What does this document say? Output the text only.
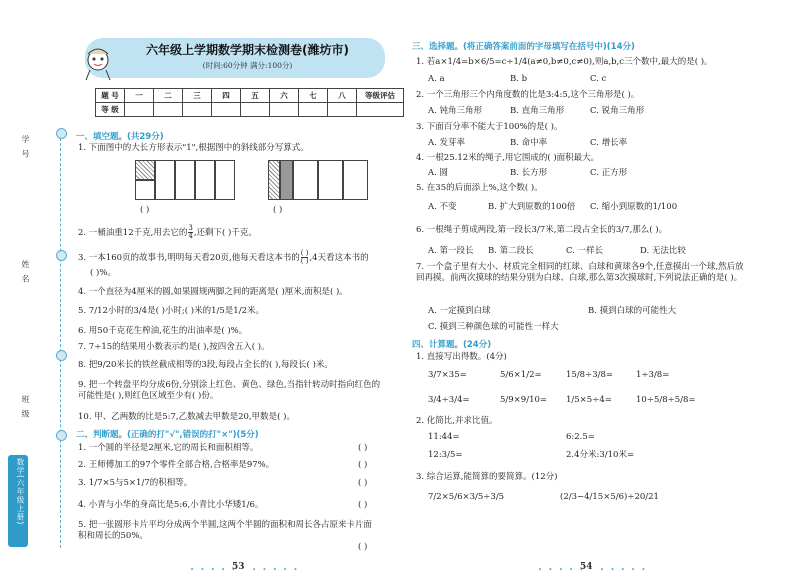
学 号
姓 名
班 级
数学(六年级上册)
六年级上学期数学期末检测卷(潍坊市)
(时间:60分钟 满分:100分)
题 号	一	二	三	四	五	六	七	八	等级评估
等 级									
一、填空题。(共29分)
1. 下面图中的大长方形表示"1",根据图中的斜线部分写算式。
( )	( )
2. 一桶油重12千克,用去它的 $\frac{3}{4}$ ,还剩下( )千克。
3. 一本160页的故事书,明明每天看20页,他每天看这本书的 $\frac{( )}{( )} ,4$天看这本书的
( )%。
4. 一个直径为4厘米的圆,如果圆规两脚之间的距离是( )厘米,面积是( )。
5. 7/12小时的3/4是( )小时;( )米的1/5是1/2米。
6. 用50千克花生榨油,花生的出油率是( )%。
7. 7÷15的结果用小数表示约是( ),按四舍五入( )。
8. 把9/20米长的铁丝截成相等的3段,每段占全长的( ),每段长( )米。
9. 把一个转盘平均分成6份,分别涂上红色、黄色、绿色,当指针转动时指向红色的可能性是( ),则红色区域至少有( )份。
10. 甲、乙两数的比是5:7,乙数减去甲数是20,甲数是( )。
二、判断题。(正确的打"√",错误的打"×")(5分)
1. 一个圆的半径是2厘米,它的周长和面积相等。	( )
2. 王师傅加工的97个零件全部合格,合格率是97%。	( )
3. 1/7×5与5×1/7的积相等。	( )
4. 小青与小华的身高比是5:6,小青比小华矮1/6。	( )
5. 把一张圆形卡片平均分成两个半圆,这两个半圆的面积和周长各占原来卡片面积和周长的50%。
( )
• • • • •
53 • • • • •
三、选择题。(将正确答案前面的字母填写在括号中)(14分)
1. 若a×1/4=b×6/5=c÷1/4(a≠0,b≠0,c≠0),则a,b,c三个数中,最大的是( )。
A. a	B. b	C. c
2. 一个三角形三个内角度数的比是3:4:5,这个三角形是( )。
A. 钝角三角形	B. 直角三角形	C. 锐角三角形
3. 下面百分率不能大于100%的是( )。
A. 发芽率	B. 命中率	C. 增长率
4. 一根25.12米的绳子,用它围成的( )面积最大。
A. 圆	B. 长方形	C. 正方形
5. 在35的后面添上%,这个数( )。
A. 不变	B. 扩大到原数的100倍 C. 缩小到原数的1/100
6. 一根绳子剪成两段,第一段长3/7米,第二段占全长的3/7,那么( )。
A. 第一段长 B. 第二段长	C. 一样长	D. 无法比较
7. 一个盒子里有大小、材质完全相同的红球、白球和黄球各9个,任意摸出一个球,然后放回再摸。前两次摸球的结果分别为白球、白球,那么第3次摸球时,下列说法正确的是( )。
A. 一定摸到白球	B. 摸到白球的可能性大
C. 摸到三种颜色球的可能性一样大
四、计算题。(24分)
1. 直接写出得数。(4分)
3/7×35=	5/6×1/2=	15/8÷3/8=	1÷3/8=
3/4÷3/4=	5/9×9/10= 1/5×5÷4=	10÷5/8÷5/8=
2. 化简比,并求比值。
11:44=	6:2.5=
12:3/5=	2.4分米:3/10米=
3. 综合运算,能简算的要简算。(12分)
7/2×5/6×3/5÷3/5	(2/3−4/15×5/6)÷20/21
• • • • •
54 • • • • •
